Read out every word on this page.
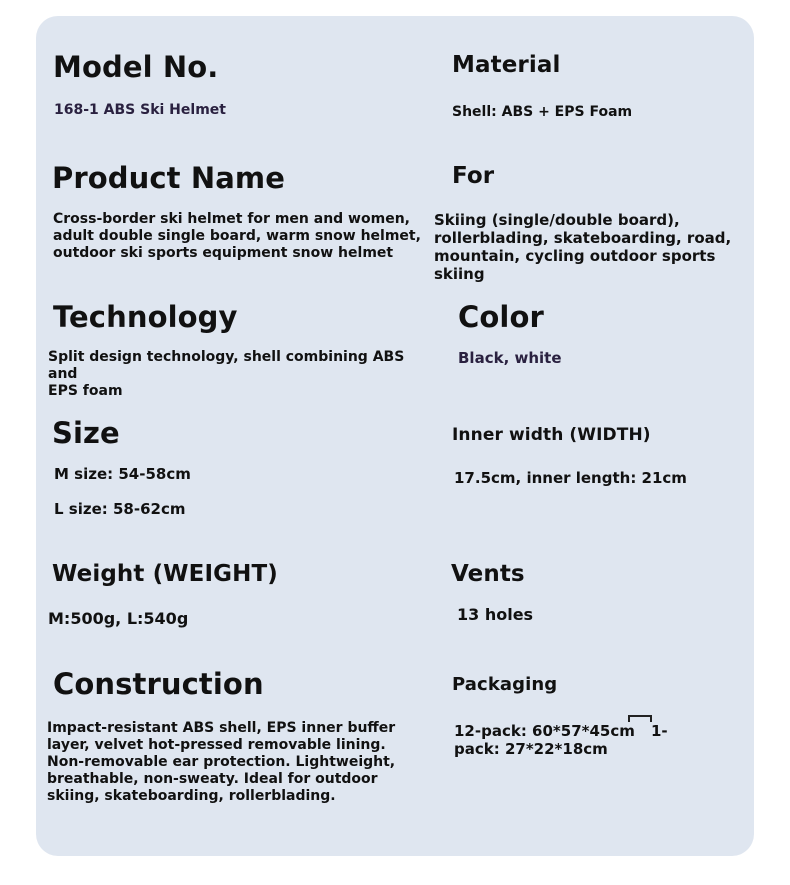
Model No.
168-1 ABS Ski Helmet
Material
Shell: ABS + EPS Foam
Product Name
Cross-border ski helmet for men and women,
adult double single board, warm snow helmet,
outdoor ski sports equipment snow helmet
For
Skiing (single/double board),
rollerblading, skateboarding, road,
mountain, cycling outdoor sports skiing
Technology
Split design technology, shell combining ABS and
EPS foam
Color
Black, white
Size
M size: 54-58cm
L size: 58-62cm
Inner width (WIDTH)
17.5cm, inner length: 21cm
Weight (WEIGHT)
M:500g, L:540g
Vents
13 holes
Construction
Impact-resistant ABS shell, EPS inner buffer
layer, velvet hot-pressed removable lining.
Non-removable ear protection. Lightweight,
breathable, non-sweaty. Ideal for outdoor
skiing, skateboarding, rollerblading.
Packaging
12-pack: 60*57*45cm 1-
pack: 27*22*18cm
